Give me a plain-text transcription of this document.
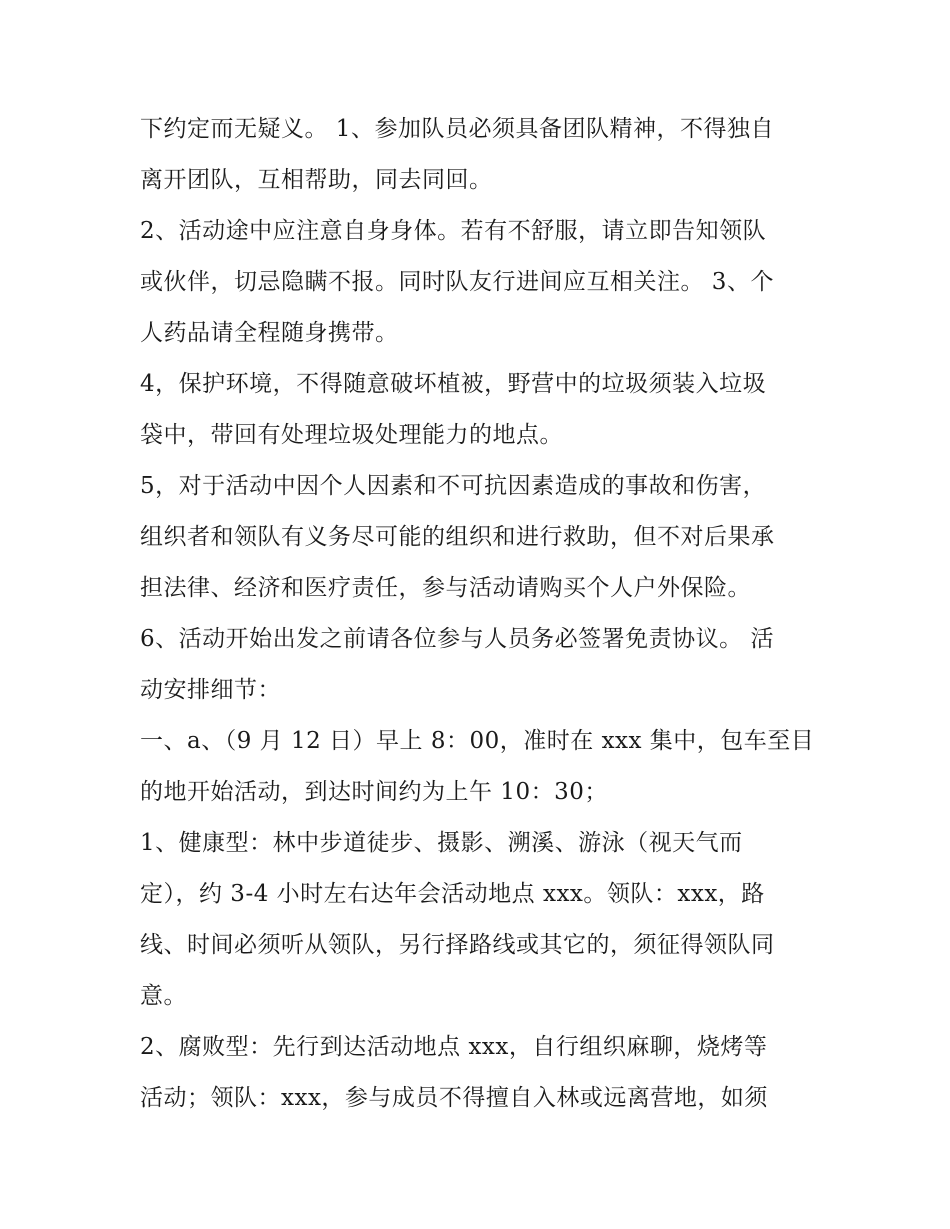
下约定而无疑义。 1、参加队员必须具备团队精神，不得独自
离开团队，互相帮助，同去同回。
2、活动途中应注意自身身体。若有不舒服，请立即告知领队
或伙伴，切忌隐瞒不报。同时队友行进间应互相关注。 3、个
人药品请全程随身携带。
4，保护环境，不得随意破坏植被，野营中的垃圾须装入垃圾
袋中，带回有处理垃圾处理能力的地点。
5，对于活动中因个人因素和不可抗因素造成的事故和伤害，
组织者和领队有义务尽可能的组织和进行救助，但不对后果承
担法律、经济和医疗责任，参与活动请购买个人户外保险。
6、活动开始出发之前请各位参与人员务必签署免责协议。 活
动安排细节：
一、a、（9 月 12 日）早上 8：00，准时在 xxx 集中，包车至目
的地开始活动，到达时间约为上午 10：30；
1、健康型：林中步道徒步、摄影、溯溪、游泳（视天气而
定），约 3-4 小时左右达年会活动地点 xxx。领队：xxx，路
线、时间必须听从领队，另行择路线或其它的，须征得领队同
意。
2、腐败型：先行到达活动地点 xxx，自行组织麻聊，烧烤等
活动；领队：xxx，参与成员不得擅自入林或远离营地，如须
